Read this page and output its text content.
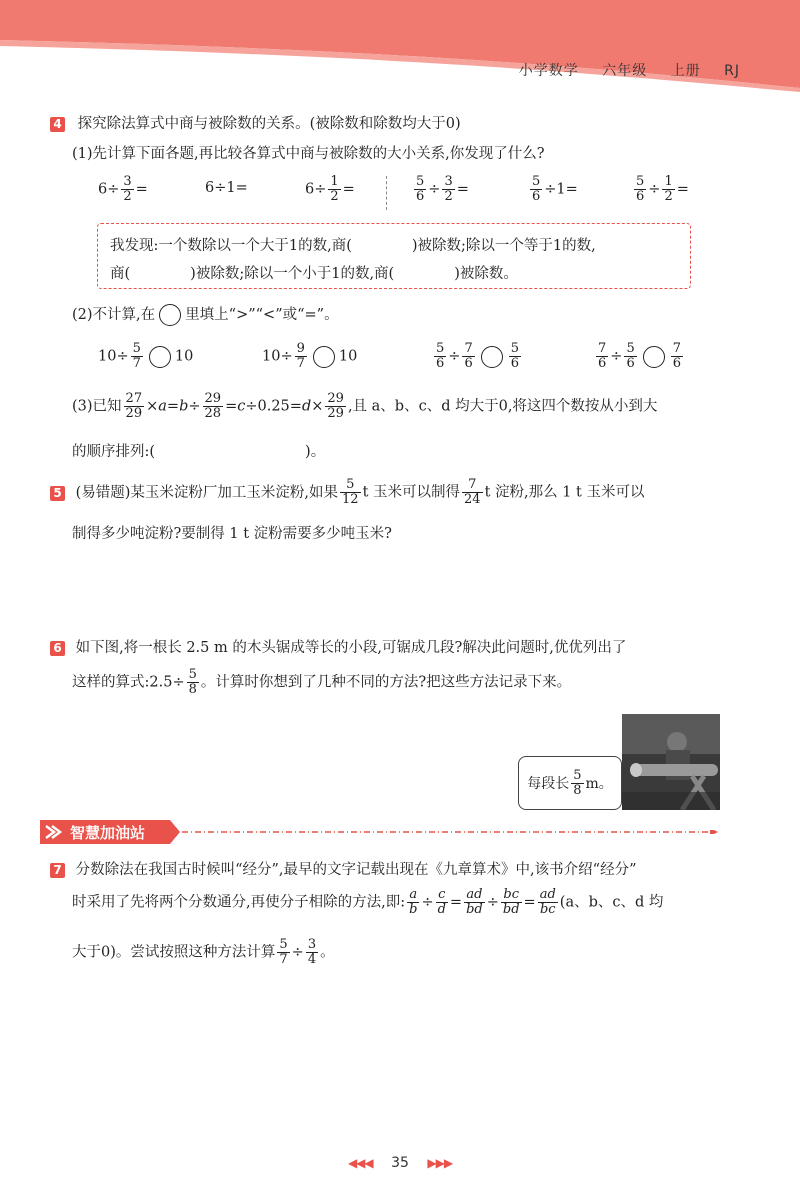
小学数学 六年级 上册 RJ
4 探究除法算式中商与被除数的关系。(被除数和除数均大于0)
(1)先计算下面各题,再比较各算式中商与被除数的大小关系,你发现了什么?
$6\div \frac{3}{2}$ =	6÷1=	$6\div \frac{1}{2}$ =	$\frac{5}{6} \div \frac{3}{2}$ =	$\frac{5}{6} \div 1=$	$\frac{5}{6} \div \frac{1}{2}$ =
我发现:一个数除以一个大于1的数,商(	)被除数;除以一个等于1的数,
商(	)被除数;除以一个小于1的数,商(	)被除数。
(2)不计算,在 里填上“>”“<”或“=”。
$10\div \frac{5}{7} 10$	$10\div \frac{9}{7} 10$	$\frac{5}{6} \div \frac{7}{6}$	$\frac{5}{6}$	$\frac{7}{6} \div \frac{5}{6}$	$\frac{7}{6}$
(3)已知 $\frac{27}{29} \times a=b\div \frac{29}{28} =c\div 0.25=d\times \frac{29}{29}$ ,且 a、b、c、d 均大于0,将这四个数按从小到大
的顺序排列:(	)。
5 (易错题)某玉米淀粉厂加工玉米淀粉,如果 $\frac{5}{12}$ t 玉米可以制得 $\frac{7}{24}$ t 淀粉,那么 1 t 玉米可以
制得多少吨淀粉?要制得 1 t 淀粉需要多少吨玉米?
6 如下图,将一根长 2.5 m 的木头锯成等长的小段,可锯成几段?解决此问题时,优优列出了
这样的算式:2.5÷ $\frac{5}{8}$ 。计算时你想到了几种不同的方法?把这些方法记录下来。
每段长 $\frac{5}{8}$ m。
智慧加油站
7 分数除法在我国古时候叫“经分”,最早的文字记载出现在《九章算术》中,该书介绍“经分”
时采用了先将两个分数通分,再使分子相除的方法,即: $\frac{a}{b} \div \frac{c}{d} = \frac{ad}{bd} \div \frac{bc}{bd} = \frac{ad}{bc} (a$、b、c、d 均
大于0)。尝试按照这种方法计算 $\frac{5}{7} \div \frac{3}{4}$ 。
◀◀◀ 35 ▶▶▶
